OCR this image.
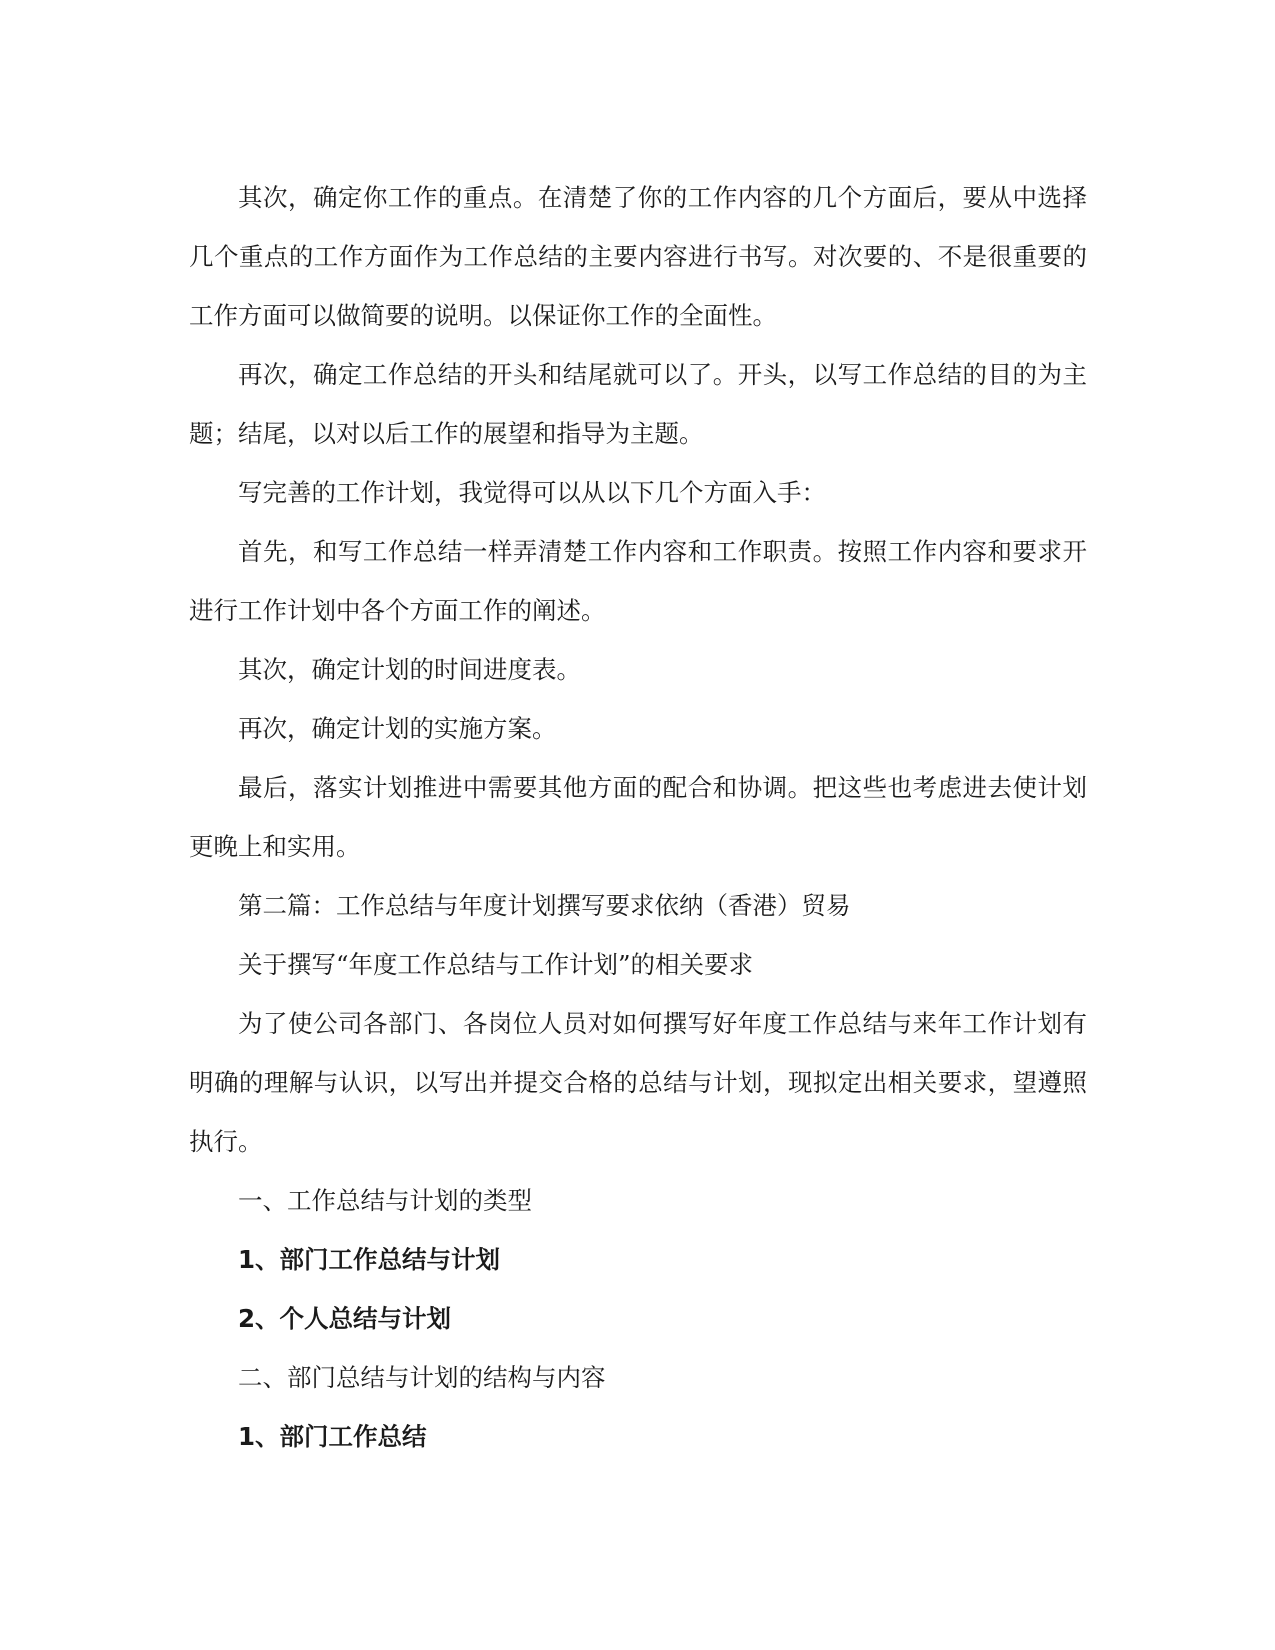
其次，确定你工作的重点。在清楚了你的工作内容的几个方面后，要从中选择几个重点的工作方面作为工作总结的主要内容进行书写。对次要的、不是很重要的工作方面可以做简要的说明。以保证你工作的全面性。

再次，确定工作总结的开头和结尾就可以了。开头，以写工作总结的目的为主题；结尾，以对以后工作的展望和指导为主题。

写完善的工作计划，我觉得可以从以下几个方面入手：

首先，和写工作总结一样弄清楚工作内容和工作职责。按照工作内容和要求开进行工作计划中各个方面工作的阐述。

其次，确定计划的时间进度表。

再次，确定计划的实施方案。

最后，落实计划推进中需要其他方面的配合和协调。把这些也考虑进去使计划更晚上和实用。

第二篇：工作总结与年度计划撰写要求依纳（香港）贸易

关于撰写“年度工作总结与工作计划”的相关要求

为了使公司各部门、各岗位人员对如何撰写好年度工作总结与来年工作计划有明确的理解与认识，以写出并提交合格的总结与计划，现拟定出相关要求，望遵照执行。

一、工作总结与计划的类型

1、部门工作总结与计划

2、个人总结与计划

二、部门总结与计划的结构与内容

1、部门工作总结
